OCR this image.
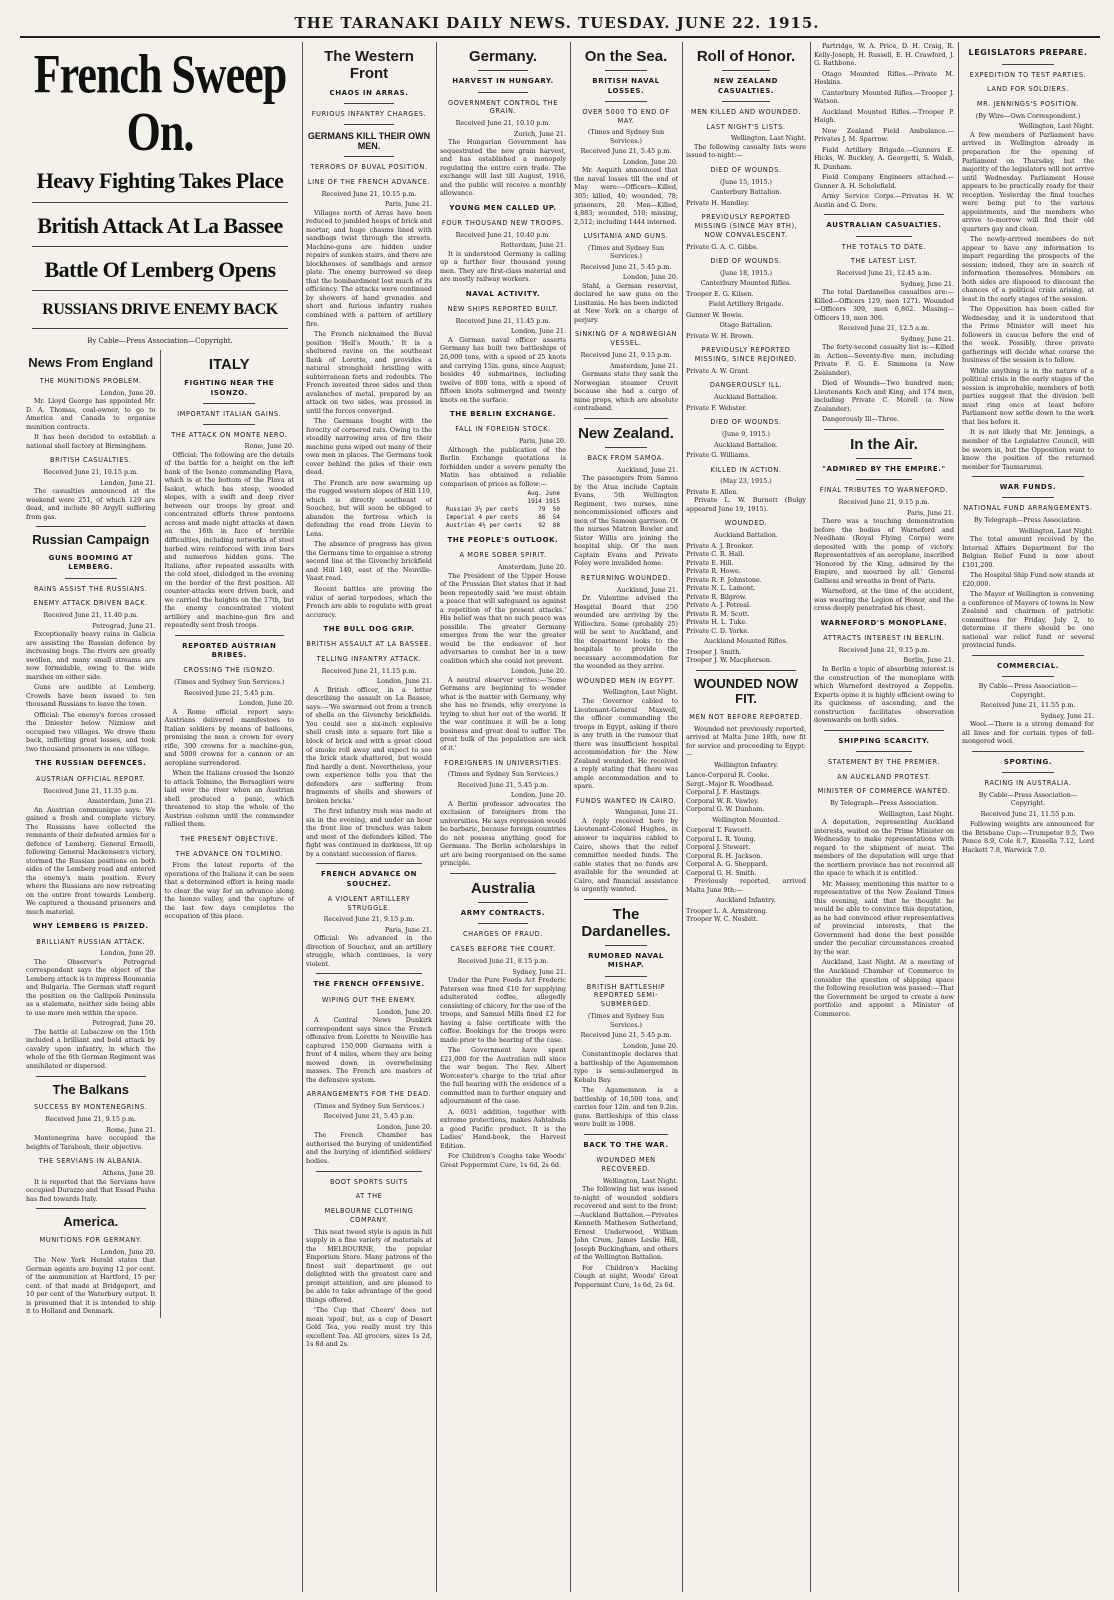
THE TARANAKI DAILY NEWS. TUESDAY. JUNE 22. 1915.
French Sweep On.
Heavy Fighting Takes Place
British Attack At La Bassee
Battle Of Lemberg Opens
RUSSIANS DRIVE ENEMY BACK
By Cable—Press Association—Copyright.
News From England
THE MUNITIONS PROBLEM.
London, June 20.

Mr. Lloyd George has appointed Mr. D. A. Thomas, coal-owner, to go to America and Canada to organise munition contracts.

It has been decided to establish a national shell factory at Birmingham.

BRITISH CASUALTIES.
Received June 21, 10.15 p.m.
London, June 21.

The casualties announced at the weekend were 251, of which 129 are dead, and include 80 Argyll suffering from gas.

Russian Campaign
GUNS BOOMING AT LEMBERG.
RAINS ASSIST THE RUSSIANS.
ENEMY ATTACK DRIVEN BACK.
Received June 21, 11.40 p.m.
Petrograd, June 21.

Exceptionally heavy rains in Galicia are assisting the Russian defence by increasing bogs. The rivers are greatly swollen, and many small streams are now formidable, owing to the wide marshes on either side.

Guns are audible at Lemberg. Crowds have been issued to ten thousand Russians to leave the town.

Official: The enemy's forces crossed the Dniester below Nizniow and occupied two villages. We drove them back, inflicting great losses, and took two thousand prisoners in one village.

THE RUSSIAN DEFENCES.
AUSTRIAN OFFICIAL REPORT.
Received June 21, 11.35 p.m.
Amsterdam, June 21.

An Austrian communique says: We gained a fresh and complete victory. The Russians have collected the remnants of their defeated armies for a defence of Lemberg. General Ermolli, following General Mackensen's victory, stormed the Russian positions on both sides of the Lemberg road and entered the enemy's main position. Every where the Russians are now retreating on the entire front towards Lemberg. We captured a thousand prisoners and much material.

WHY LEMBERG IS PRIZED.
BRILLIANT RUSSIAN ATTACK.
London, June 20.

The Observer's Petrograd correspondent says the object of the Lemberg attack is to impress Roumania and Bulgaria. The German staff regard the position on the Gallipoli Peninsula as a stalemate, neither side being able to use more men within the space.

Petrograd, June 20.

The battle at Lubaczow on the 15th included a brilliant and bold attack by cavalry upon infantry, in which the whole of the 6th German Regiment was annihilated or dispersed.

The Balkans
SUCCESS BY MONTENEGRINS.
Received June 21, 9.15 p.m.
Rome, June 21.

Montenegrins have occupied the heights of Tarabosh, their objective.

THE SERVIANS IN ALBANIA.
Athens, June 20.

It is reported that the Servians have occupied Durazzo and that Essad Pasha has fled towards Italy.

America.
MUNITIONS FOR GERMANY.
London, June 20.

The New York Herald states that German agents are buying 12 per cent. of the ammunition at Hartford, 15 per cent. of that made at Bridgeport, and 10 per cent of the Waterbury output. It is presumed that it is intended to ship it to Holland and Denmark.

ITALY
FIGHTING NEAR THE ISONZO.
IMPORTANT ITALIAN GAINS.
THE ATTACK ON MONTE NERO.
Rome, June 20.

Official: The following are the details of the battle for a height on the left bank of the Isonzo commanding Plava, which is at the bottom of the Plava at Isakut, which has steep, wooded slopes, with a swift and deep river between our troops by great and concentrated efforts threw pontoons across and made night attacks at dawn on the 16th in face of terrible difficulties, including networks of steel barbed wire reinforced with iron bars and numerous hidden guns. The Italians, after repeated assaults with the cold steel, dislodged in the evening on the border of the first position. All counter-attacks were driven back, and we carried the heights on the 17th, but the enemy concentrated violent artillery and machine-gun fire and repeatedly sent fresh troops.

REPORTED AUSTRIAN BRIBES.
CROSSING THE ISONZO.
(Times and Sydney Sun Services.)
Received June 21, 5.45 p.m.
London, June 20.

A Rome official report says: Austrians delivered manifestoes to Italian soldiers by means of balloons, promising the men a crown for every rifle, 300 crowns for a machine-gun, and 5000 crowns for a cannon or an aeroplane surrendered.

When the Italians crossed the Isonzo to attack Tolmino, the Bersaglieri were laid over the river when an Austrian shell produced a panic, which threatened to stop the whole of the Austrian column until the commander rallied them.

THE PRESENT OBJECTIVE.
THE ADVANCE ON TOLMINO.

From the latest reports of the operations of the Italians it can be seen that a determined effort is being made to clear the way for an advance along the Isonzo valley, and the capture of the last few days completes the occupation of this place.

The Western Front
CHAOS IN ARRAS.
FURIOUS INFANTRY CHARGES.
GERMANS KILL THEIR OWN MEN.
TERRORS OF BUVAL POSITION.
LINE OF THE FRENCH ADVANCE.
Received June 21, 10.15 p.m.
Paris, June 21.

Villages north of Arras have been reduced to jumbled heaps of brick and mortar, and huge chasms lined with sandbags twist through the streets. Machine-guns are hidden under repairs of sunken stairs, and there are blockhouses of sandbags and armor plate. The enemy burrowed so deep that the bombardment lost much of its efficiency. The attacks were continued by showers of hand grenades and short and furious infantry rushes combined with a pattern of artillery fire.

The French nicknamed the Buval position 'Hell's Mouth.' It is a sheltered ravine on the southeast flank of Lorette, and provides a natural stronghold bristling with subterranean forts and redoubts. The French invested three sides and then avalanches of metal, prepared by an attack on two sides, was pressed in until the forces converged.

The Germans fought with the ferocity of cornered rats. Owing to the steadily narrowing area of fire their machine guns wiped out many of their own men in places. The Germans took cover behind the piles of their own dead.

The French are now swarming up the rugged western slopes of Hill 119, which is directly southeast of Souchez, but will soon be obliged to abandon the fortress which is defending the road from Lievin to Lens.

The absence of progress has given the Germans time to organise a strong second line at the Givenchy brickfield and Hill 140, east of the Neuville-Vaast road.

Recent battles are proving the value of aerial torpedoes, which the French are able to regulate with great accuracy.

THE BULL DOG GRIP.
BRITISH ASSAULT AT LA BASSEE.
TELLING INFANTRY ATTACK.
Received June 21, 11.15 p.m.
London, June 21.

A British officer, in a letter describing the assault on La Bassee, says:—'We swarmed out from a trench of shells on the Givenchy brickfields. You could see a six-inch explosive shell crash into a square fort like a block of brick and with a great cloud of smoke roll away and expect to see the brick stack shattered, but would find hardly a dent. Nevertheless, your own experience tells you that the defenders are suffering from fragments of shells and showers of broken bricks.'

The first infantry rush was made at six in the evening, and under an hour the front line of trenches was taken and most of the defenders killed. The fight was continued in darkness, lit up by a constant succession of flares.

FRENCH ADVANCE ON SOUCHEZ.
A VIOLENT ARTILLERY STRUGGLE.
Received June 21, 9.15 p.m.
Paris, June 21.

Official: We advanced in the direction of Souchez, and an artillery struggle, which continues, is very violent.

THE FRENCH OFFENSIVE.
WIPING OUT THE ENEMY.
London, June 20.

A Central News Dunkirk correspondent says since the French offensive from Lorette to Neuville has captured 150,000 Germans with a front of 4 miles, where they are being mowed down in overwhelming masses. The French are masters of the defensive system.

ARRANGEMENTS FOR THE DEAD.
(Times and Sydney Sun Services.)
Received June 21, 5.45 p.m.
London, June 20.

The French Chamber has authorised the burying of unidentified and the burying of identified soldiers' bodies.

BOOT SPORTS SUITS
AT THE
MELBOURNE CLOTHING COMPANY.

This neat tweed style is again in full supply in a fine variety of materials at the MELBOURNE, the popular Emporium Store. Many patrons of the finest suit department go out delighted with the greatest care and prompt attention, and are pleased to be able to take advantage of the good things offered.

'The Cup that Cheers' does not mean 'spoil', but, as a cup of Desert Gold Tea, you really must try this excellent Tea. All grocers, sizes 1s 2d, 1s 8d and 2s.

Germany.
HARVEST IN HUNGARY.
GOVERNMENT CONTROL THE GRAIN.
Received June 21, 10.10 p.m.
Zurich, June 21.

The Hungarian Government has sequestrated the new grain harvest, and has established a monopoly regulating the entire corn trade. The exchange will last till August, 1916, and the public will receive a monthly allowance.

YOUNG MEN CALLED UP.
FOUR THOUSAND NEW TROOPS.
Received June 21, 10.40 p.m.
Rotterdam, June 21.

It is understood Germany is calling up a further four thousand young men. They are first-class material and are mostly railway workers.

NAVAL ACTIVITY.
NEW SHIPS REPORTED BUILT.
Received June 21, 11.45 p.m.
London, June 21.

A German naval officer asserts Germany has built two battleships of 26,000 tons, with a speed of 25 knots and carrying 15in. guns, since August; besides 40 submarines, including twelve of 800 tons, with a speed of fifteen knots submerged and twenty knots on the surface.

THE BERLIN EXCHANGE.
FALL IN FOREIGN STOCK.
Paris, June 20.

Although the publication of the Berlin Exchange quotations is forbidden under a severe penalty the Matin has obtained a reliable comparison of prices as follow:—

Aug. June
1914 1915
Russian 3½ per cents	79 50
Imperial 4 per cents	86 54
Austrian 4½ per cents	92 88
THE PEOPLE'S OUTLOOK.
A MORE SOBER SPIRIT.
Amsterdam, June 20.

The President of the Upper House of the Prussian Diet states that it had been repeatedly said 'we must obtain a peace that will safeguard us against a repetition of the present attacks.' His belief was that no such peace was possible. The greater Germany emerges from the war the greater would be the endeavor of her adversaries to combat her in a new coalition which she could not prevent.

London, June 20.

A neutral observer writes:—'Some Germans are beginning to wonder what is the matter with Germany, why she has no friends, why everyone is trying to shut her out of the world. If the war continues it will be a long business and great deal to suffer. The great bulk of the population are sick of it.'

FOREIGNERS IN UNIVERSITIES.
(Times and Sydney Sun Services.)
Received June 21, 5.45 p.m.
London, June 20.

A Berlin professor advocates the exclusion of foreigners from the universities. He says repression would be barbaric, because foreign countries do not possess anything good for Germans. The Berlin scholarships in art are being reorganised on the same principle.

Australia
ARMY CONTRACTS.
CHARGES OF FRAUD.
CASES BEFORE THE COURT.
Received June 21, 8.15 p.m.
Sydney, June 21.

Under the Pure Foods Act Frederic Paterson was fined £10 for supplying adulterated coffee, allegedly consisting of chicory, for the use of the troops, and Samuel Mills fined £2 for having a false certificate with the coffee. Bookings for the troops were made prior to the hearing of the case.

The Government have spent £21,000 for the Australian mill since the war began. The Rev. Albert Worcester's charge to the trial after the full hearing with the evidence of a committed man to further enquiry and adjournment of the case.

A. 6031 addition, together with extreme protections, makes Ashtabula a good Pacific product. It is the Ladies' Hand-book, the Harvest Edition.

For Children's Coughs take Woods' Great Peppermint Cure, 1s 6d, 2s 6d.

On the Sea.
BRITISH NAVAL LOSSES.
OVER 5000 TO END OF MAY.
(Times and Sydney Sun Services.)
Received June 21, 5.45 p.m.
London, June 20.

Mr. Asquith announced that the naval losses till the end of May were:—Officers—Killed, 305; killed, 40; wounded, 78; prisoners, 20. Men—Killed, 4,883; wounded, 510; missing, 2,512; including 1444 interned.

LUSITANIA AND GUNS.
(Times and Sydney Sun Services.)
Received June 21, 5.45 p.m.
London, June 20.

Stahl, a German reservist, declared he saw guns on the Lusitania. He has been indicted at New York on a charge of perjury.

SINKING OF A NORWEGIAN VESSEL.
Received June 21, 9.15 p.m.
Amsterdam, June 21.

Germans state they sank the Norwegian steamer Cruvit because she had a cargo of mine props, which are absolute contraband.

New Zealand.
BACK FROM SAMOA.
Auckland, June 21.

The passengers from Samoa by the Atua include Captain Evans, 5th Wellington Regiment, two nurses, nine noncommissioned officers and men of the Samoan garrison. Of the nurses Matron Bowler and Sister Willis are joining the hospital ship. Of the men Captain Evans and Private Foley were invalided home.

RETURNING WOUNDED.
Auckland, June 21.

Dr. Valentine advised the Hospital Board that 250 wounded are arriving by the Willochra. Some (probably 25) will be sent to Auckland, and the department looks to the hospitals to provide the necessary accommodation for the wounded as they arrive.

WOUNDED MEN IN EGYPT.
Wellington, Last Night.

The Governor cabled to Lieutenant-General Maxwell, the officer commanding the troops in Egypt, asking if there is any truth in the rumour that there was insufficient hospital accommodation for the New Zealand wounded. He received a reply stating that there was ample accommodation and to spare.

FUNDS WANTED IN CAIRO.
Wanganui, June 21.

A reply received here by Lieutenant-Colonel Hughes, in answer to inquiries cabled to Cairo, shows that the relief committee needed funds. The cable states that no funds are available for the wounded at Cairo, and financial assistance is urgently wanted.

The Dardanelles.
RUMORED NAVAL MISHAP.
BRITISH BATTLESHIP REPORTED SEMI-SUBMERGED.
(Times and Sydney Sun Services.)
Received June 21, 5.45 p.m.
London, June 20.

Constantinople declares that a battleship of the Agamemnon type is semi-submerged in Kebalu Bay.

The Agamemnon is a battleship of 16,500 tons, and carries four 12in. and ten 9.2in. guns. Battleships of this class were built in 1908.

BACK TO THE WAR.
WOUNDED MEN RECOVERED.
Wellington, Last Night.

The following list was issued to-night of wounded soldiers recovered and sent to the front:—Auckland Battalion.—Privates Kenneth Matheson Sutherland, Ernest Underwood, William John Crum, James Leslie Hill, Joseph Buckingham, and others of the Wellington Battalion.

For Children's Hacking Cough at night, Woods' Great Peppermint Cure, 1s 6d, 2s 6d.

Roll of Honor.
NEW ZEALAND CASUALTIES.
MEN KILLED AND WOUNDED.
LAST NIGHT'S LISTS.
Wellington, Last Night.

The following casualty lists were issued to-night:—

DIED OF WOUNDS.
(June 15, 1915.)
Canterbury Battalion.
Private H. Handley.
PREVIOUSLY REPORTED MISSING (SINCE MAY 8TH), NOW CONVALESCENT.
Private G. A. C. Gibbs.
DIED OF WOUNDS.
(June 18, 1915.)
Canterbury Mounted Rifles.
Trooper E. G. Kilsen.
Field Artillery Brigade.
Gunner W. Bowie.
Otago Battalion.
Private W. H. Brown.
PREVIOUSLY REPORTED MISSING, SINCE REJOINED.
Private A. W. Grant.
DANGEROUSLY ILL.
Auckland Battalion.
Private F. Webster.
DIED OF WOUNDS.
(June 9, 1915.)
Auckland Battalion.
Private G. Williams.
KILLED IN ACTION.
(May 23, 1915.)
Private E. Allen.

Private L. W. Burnett (Bulgy appeared June 19, 1915).

WOUNDED.
Auckland Battalion.
Private A. J. Brooker.
Private C. R. Hall.
Private E. Hill.
Private R. Howe.
Private R. F. Johnstone.
Private N. L. Lamont.
Private R. Bilgrow.
Private A. J. Petreal.
Private R. M. Scott.
Private H. L. Tuke.
Private C. D. Yorke.
Auckland Mounted Rifles.
Trooper J. Smith.
Trooper J. W. Macpherson.
WOUNDED NOW FIT.
MEN NOT BEFORE REPORTED.

Wounded not previously reported, arrived at Malta June 18th, now fit for service and proceeding to Egypt:—

Wellington Infantry.
Lance-Corporal R. Cooke.
Sergt.-Major R. Woodhead.
Corporal J. F. Hastings.
Corporal W. R. Vawley.
Corporal G. W. Dunham.
Wellington Mounted.
Corporal T. Fawcett.
Corporal L. R. Young.
Corporal J. Stewart.
Corporal R. H. Jackson.
Corporal A. G. Sheppard.
Corporal G. H. Smith.

Previously reported, arrived Malta June 9th:—

Auckland Infantry.
Trooper L. A. Armstrong.
Trooper W. C. Nesbitt.

Partridge, W. A. Price, D. H. Craig, R. Kelly-Joseph, H. Russell, E. H. Crawford, J. G. Rathbone.

Otago Mounted Rifles.—Private M. Hoskins.

Canterbury Mounted Rifles.—Trooper J. Watson.

Auckland Mounted Rifles.—Trooper P. Haigh.

New Zealand Field Ambulance.—Privates J. M. Sparrow.

Field Artillery Brigade.—Gunners E. Hicks, W. Buckley, A. Georgetti, S. Walsh, R. Dunham.

Field Company Engineers attached.—Gunner A. H. Scholefield.

Army Service Corps.—Privates H. W. Austin and G. Dore.

AUSTRALIAN CASUALTIES.
THE TOTALS TO DATE.
THE LATEST LIST.
Received June 21, 12.45 a.m.
Sydney, June 21.

The total Dardanelles casualties are:—Killed—Officers 129, men 1271. Wounded—Officers 309, men 6,862. Missing—Officers 19, men 306.

Received June 21, 12.5 a.m.
Sydney, June 21.

The forty-second casualty list is:—Killed in Action—Seventy-five men, including Private F. G. E. Simmons (a New Zealander).

Died of Wounds—Two hundred men; Lieutenants Koch and King, and 174 men, including Private C. Morell (a New Zealander).

Dangerously Ill—Three.

In the Air.
"ADMIRED BY THE EMPIRE."
FINAL TRIBUTES TO WARNEFORD.
Received June 21, 9.15 p.m.
Paris, June 21.

There was a touching demonstration before the bodies of Warneford and Needham (Royal Flying Corps) were deposited with the pomp of victory. Representatives of an aeroplane, inscribed 'Honored by the King, admired by the Empire, and mourned by all.' General Gallieni and wreaths in front of Paris.

Warneford, at the time of the accident, was wearing the Legion of Honor, and the cross deeply penetrated his chest.

WARNEFORD'S MONOPLANE.
ATTRACTS INTEREST IN BERLIN.
Received June 21, 9.15 p.m.
Berlin, June 21.

In Berlin a topic of absorbing interest is the construction of the monoplane with which Warneford destroyed a Zeppelin. Experts opine it is highly efficient owing to its quickness of ascending, and the construction facilitates observation downwards on both sides.

SHIPPING SCARCITY.
STATEMENT BY THE PREMIER.
AN AUCKLAND PROTEST.
MINISTER OF COMMERCE WANTED.
By Telegraph—Press Association.
Wellington, Last Night.

A deputation, representing Auckland interests, waited on the Prime Minister on Wednesday to make representations with regard to the shipment of meat. The members of the deputation will urge that the northern province has not received all the space to which it is entitled.

Mr. Massey, mentioning this matter to a representative of the New Zealand Times this evening, said that he thought he would be able to convince this deputation, as he had convinced other representatives of provincial interests, that the Government had done the best possible under the peculiar circumstances created by the war.

Auckland, Last Night. At a meeting of the Auckland Chamber of Commerce to consider the question of shipping space the following resolution was passed:—That the Government be urged to create a new portfolio and appoint a Minister of Commerce.

LEGISLATORS PREPARE.
EXPEDITION TO TEST PARTIES.
LAND FOR SOLDIERS.
MR. JENNINGS'S POSITION.
(By Wire—Own Correspondent.)
Wellington, Last Night.

A few members of Parliament have arrived in Wellington already in preparation for the opening of Parliament on Thursday, but the majority of the legislators will not arrive until Wednesday. Parliament House appears to be practically ready for their reception. Yesterday the final touches were being put to the various appointments, and the members who arrive to-morrow will find their old quarters gay and clean.

The newly-arrived members do not appear to have any information to impart regarding the prospects of the session; indeed, they are in search of information themselves. Members on both sides are disposed to discount the chances of a political crisis arising, at least in the early stages of the session.

The Opposition has been called for Wednesday, and it is understood that the Prime Minister will meet his followers in caucus before the end of the week. Possibly, three private gatherings will decide what course the business of the session is to follow.

While anything is in the nature of a political crisis in the early stages of the session is improbable, members of both parties suggest that the division bell must ring once at least before Parliament now settle down to the work that lies before it.

It is not likely that Mr. Jennings, a member of the Legislative Council, will be sworn in, but the Opposition want to know the position of the returned member for Taumarunui.

WAR FUNDS.
NATIONAL FUND ARRANGEMENTS.
By Telegraph—Press Association.
Wellington, Last Night.

The total amount received by the Internal Affairs Department for the Belgian Relief Fund is now about £101,200.

The Hospital Ship Fund now stands at £20,000.

The Mayor of Wellington is convening a conference of Mayors of towns in New Zealand and chairmen of patriotic committees for Friday, July 2, to determine if there should be one national war relief fund or several provincial funds.

COMMERCIAL.
By Cable—Press Association—Copyright.
Received June 21, 11.55 p.m.
Sydney, June 21.

Wool.—There is a strong demand for all lines and for certain types of fell-mongered wool.

SPORTING.
RACING IN AUSTRALIA.
By Cable—Press Association—Copyright.
Received June 21, 11.55 p.m.

Following weights are announced for the Brisbane Cup:—Trumpeter 9.5, Two Pence 8.9, Cole 8.7, Kinsella 7.12, Lord Hackett 7.8, Warwick 7.0.
